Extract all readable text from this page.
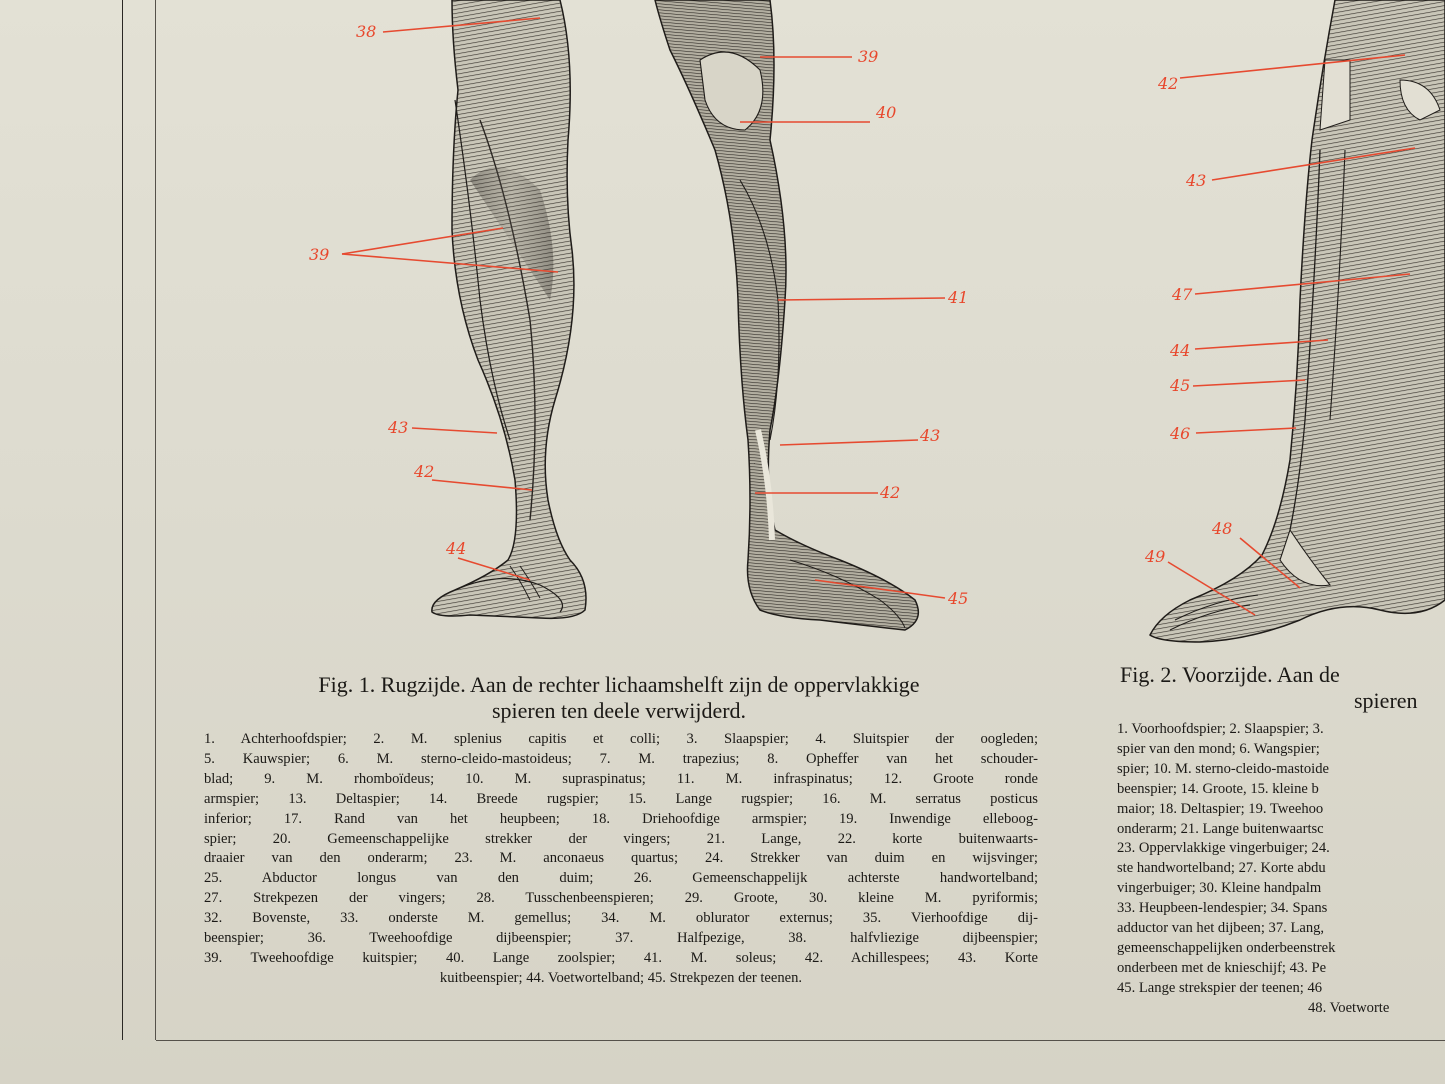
38
39
40
39
41
43	43
42
42
44
45
42
43
47
44
45
46
48
49
Fig. 1. Rugzijde. Aan de rechter lichaamshelft zijn de oppervlakkige
spieren ten deele verwijderd.
1. Achterhoofdspier; 2. M. splenius capitis et colli; 3. Slaapspier; 4. Sluitspier der oogleden;
5. Kauwspier; 6. M. sterno-cleido-mastoideus; 7. M. trapezius; 8. Opheffer van het schouder-
blad; 9. M. rhomboïdeus; 10. M. supraspinatus; 11. M. infraspinatus; 12. Groote ronde
armspier; 13. Deltaspier; 14. Breede rugspier; 15. Lange rugspier; 16. M. serratus posticus
inferior; 17. Rand van het heupbeen; 18. Driehoofdige armspier; 19. Inwendige elleboog-
spier; 20. Gemeenschappelijke strekker der vingers; 21. Lange, 22. korte buitenwaarts-
draaier van den onderarm; 23. M. anconaeus quartus; 24. Strekker van duim en wijsvinger;
25. Abductor longus van den duim; 26. Gemeenschappelijk achterste handwortelband;
27. Strekpezen der vingers; 28. Tusschenbeenspieren; 29. Groote, 30. kleine M. pyriformis;
32. Bovenste, 33. onderste M. gemellus; 34. M. oblurator externus; 35. Vierhoofdige dij-
beenspier; 36. Tweehoofdige dijbeenspier; 37. Halfpezige, 38. halfvliezige dijbeenspier;
39. Tweehoofdige kuitspier; 40. Lange zoolspier; 41. M. soleus; 42. Achillespees; 43. Korte
kuitbeenspier; 44. Voetwortelband; 45. Strekpezen der teenen.
Fig. 2. Voorzijde. Aan de
spieren
1. Voorhoofdspier; 2. Slaapspier; 3.
spier van den mond; 6. Wangspier;
spier; 10. M. sterno-cleido-mastoide
beenspier; 14. Groote, 15. kleine b
maior; 18. Deltaspier; 19. Tweehoo
onderarm; 21. Lange buitenwaartsc
23. Oppervlakkige vingerbuiger; 24.
ste handwortelband; 27. Korte abdu
vingerbuiger; 30. Kleine handpalm
33. Heupbeen-lendespier; 34. Spans
adductor van het dijbeen; 37. Lang,
gemeenschappelijken onderbeenstrek
onderbeen met de knieschijf; 43. Pe
45. Lange strekspier der teenen; 46
48. Voetworte
